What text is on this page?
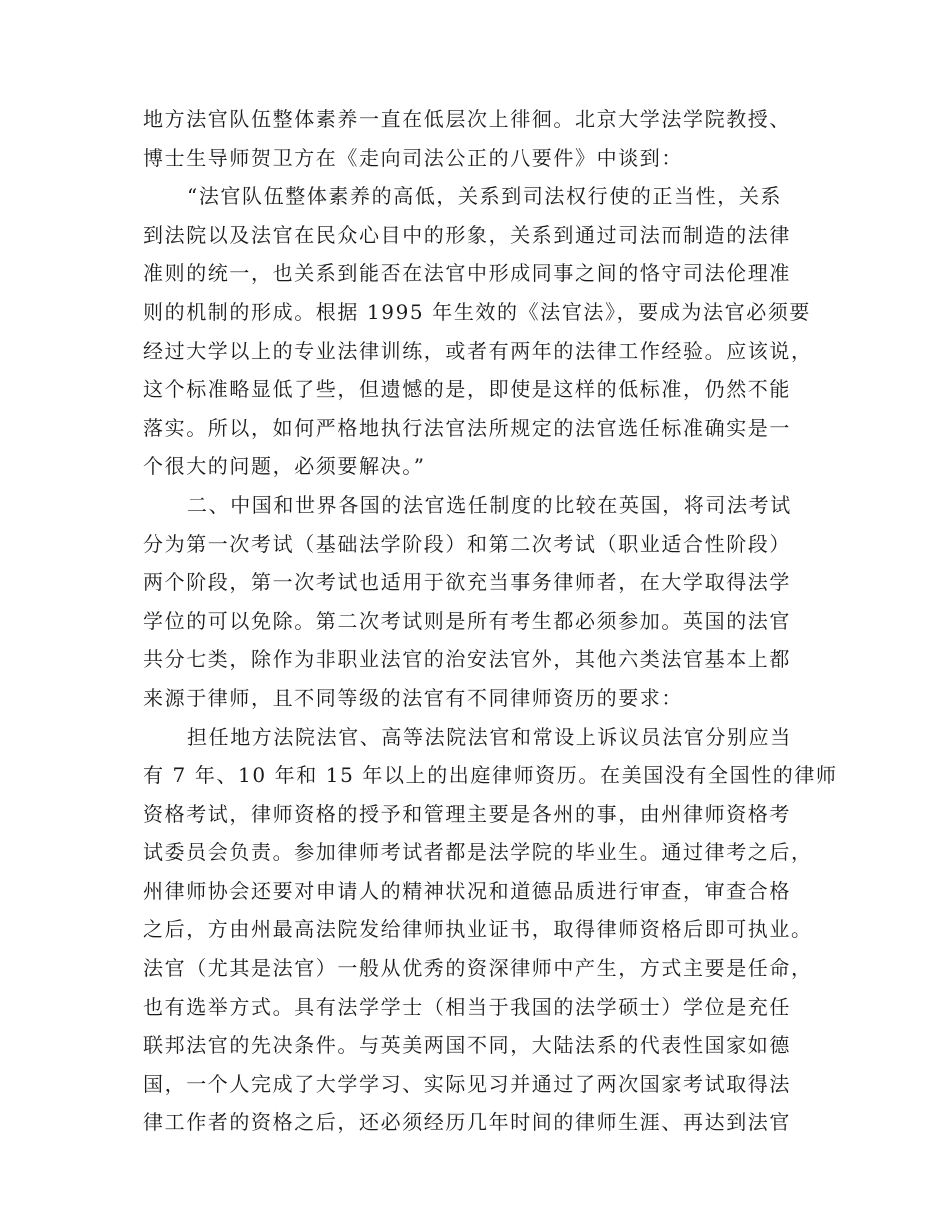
地方法官队伍整体素养一直在低层次上徘徊。北京大学法学院教授、
博士生导师贺卫方在《走向司法公正的八要件》中谈到：
“法官队伍整体素养的高低，关系到司法权行使的正当性，关系
到法院以及法官在民众心目中的形象，关系到通过司法而制造的法律
准则的统一，也关系到能否在法官中形成同事之间的恪守司法伦理准
则的机制的形成。根据 1995 年生效的《法官法》，要成为法官必须要
经过大学以上的专业法律训练，或者有两年的法律工作经验。应该说，
这个标准略显低了些，但遗憾的是，即使是这样的低标准，仍然不能
落实。所以，如何严格地执行法官法所规定的法官选任标准确实是一
个很大的问题，必须要解决。”
二、中国和世界各国的法官选任制度的比较在英国，将司法考试
分为第一次考试（基础法学阶段）和第二次考试（职业适合性阶段）
两个阶段，第一次考试也适用于欲充当事务律师者，在大学取得法学
学位的可以免除。第二次考试则是所有考生都必须参加。英国的法官
共分七类，除作为非职业法官的治安法官外，其他六类法官基本上都
来源于律师，且不同等级的法官有不同律师资历的要求：
担任地方法院法官、高等法院法官和常设上诉议员法官分别应当
有 7 年、10 年和 15 年以上的出庭律师资历。在美国没有全国性的律师
资格考试，律师资格的授予和管理主要是各州的事，由州律师资格考
试委员会负责。参加律师考试者都是法学院的毕业生。通过律考之后，
州律师协会还要对申请人的精神状况和道德品质进行审查，审查合格
之后，方由州最高法院发给律师执业证书，取得律师资格后即可执业。
法官（尤其是法官）一般从优秀的资深律师中产生，方式主要是任命，
也有选举方式。具有法学学士（相当于我国的法学硕士）学位是充任
联邦法官的先决条件。与英美两国不同，大陆法系的代表性国家如德
国，一个人完成了大学学习、实际见习并通过了两次国家考试取得法
律工作者的资格之后，还必须经历几年时间的律师生涯、再达到法官
